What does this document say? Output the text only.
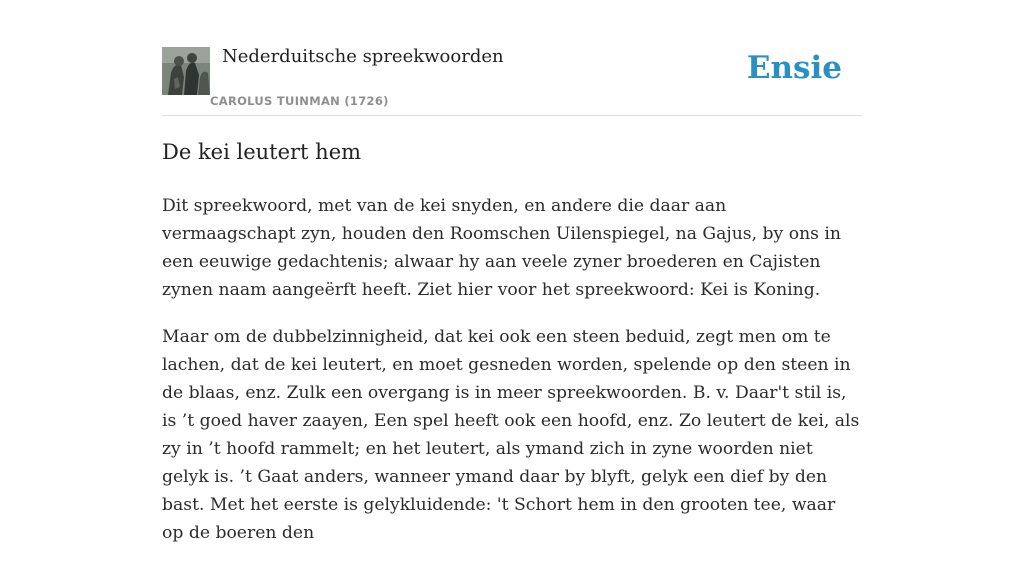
Nederduitsche spreekwoorden
CAROLUS TUINMAN (1726)
Ensie
De kei leutert hem

Dit spreekwoord, met van de kei snyden, en andere die daar aan vermaagschapt zyn, houden den Roomschen Uilenspiegel, na Gajus, by ons in een eeuwige gedachtenis; alwaar hy aan veele zyner broederen en Cajisten zynen naam aangeërft heeft. Ziet hier voor het spreekwoord: Kei is Koning.

Maar om de dubbelzinnigheid, dat kei ook een steen beduid, zegt men om te lachen, dat de kei leutert, en moet gesneden worden, spelende op den steen in de blaas, enz. Zulk een overgang is in meer spreekwoorden. B. v. Daar't stil is, is ’t goed haver zaayen, Een spel heeft ook een hoofd, enz. Zo leutert de kei, als zy in ’t hoofd rammelt; en het leutert, als ymand zich in zyne woorden niet gelyk is. ’t Gaat anders, wanneer ymand daar by blyft, gelyk een dief by den bast. Met het eerste is gelykluidende: 't Schort hem in den grooten tee, waar op de boeren den
